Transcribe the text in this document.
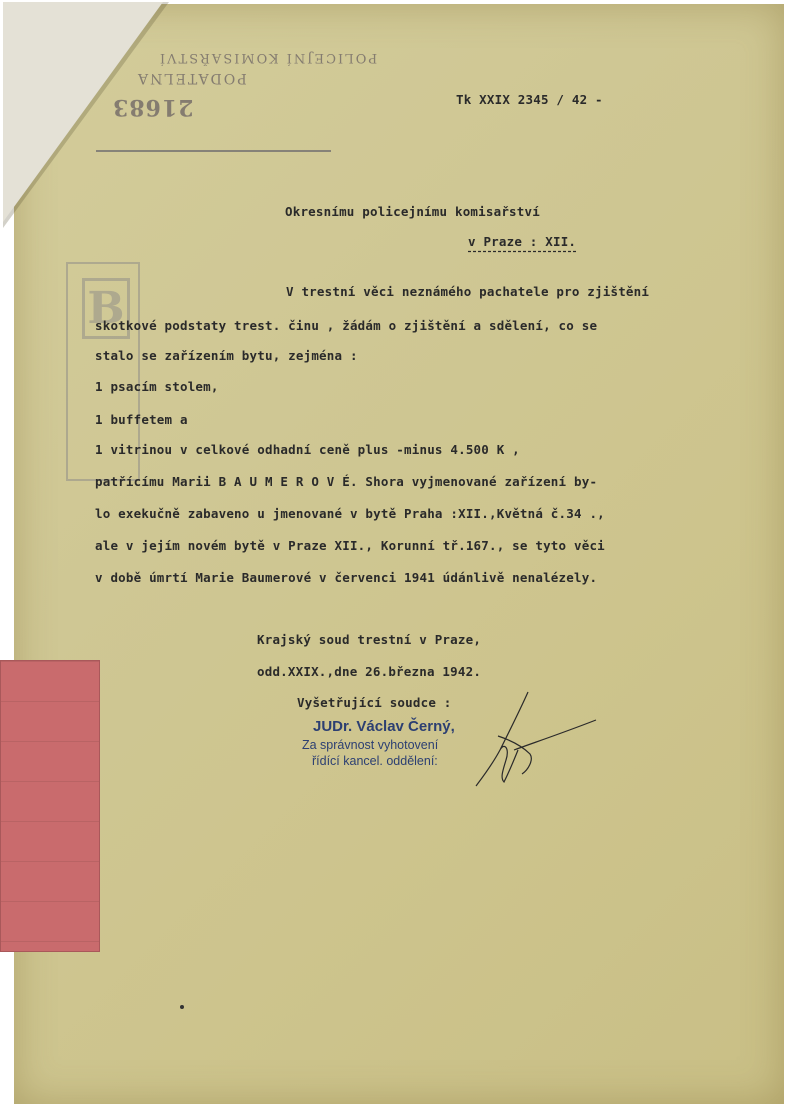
POLICEJNÍ KOMISAŘSTVÍ
PODATELNA
21683
B
Tk XXIX 2345 / 42 -
Okresnímu policejnímu komisařství
v Praze : XII.
V trestní věci neznámého pachatele pro zjištění
skotkové podstaty trest. činu , žádám o zjištění a sdělení, co se
stalo se zařízením bytu, zejména :
1 psacím stolem,
1 buffetem a
1 vitrinou v celkové odhadní ceně plus -minus 4.500 K ,
patřícímu Marii B A U M E R O V É. Shora vyjmenované zařízení by-
lo exekučně zabaveno u jmenované v bytě Praha :XII.,Květná č.34 .,
ale v jejím novém bytě v Praze XII., Korunní tř.167., se tyto věci
v době úmrtí Marie Baumerové v červenci 1941 údánlivě nenalézely.
Krajský soud trestní v Praze,
odd.XXIX.,dne 26.března 1942.
Vyšetřující soudce :
JUDr. Václav Černý,
Za správnost vyhotovení
řídící kancel. oddělení:
